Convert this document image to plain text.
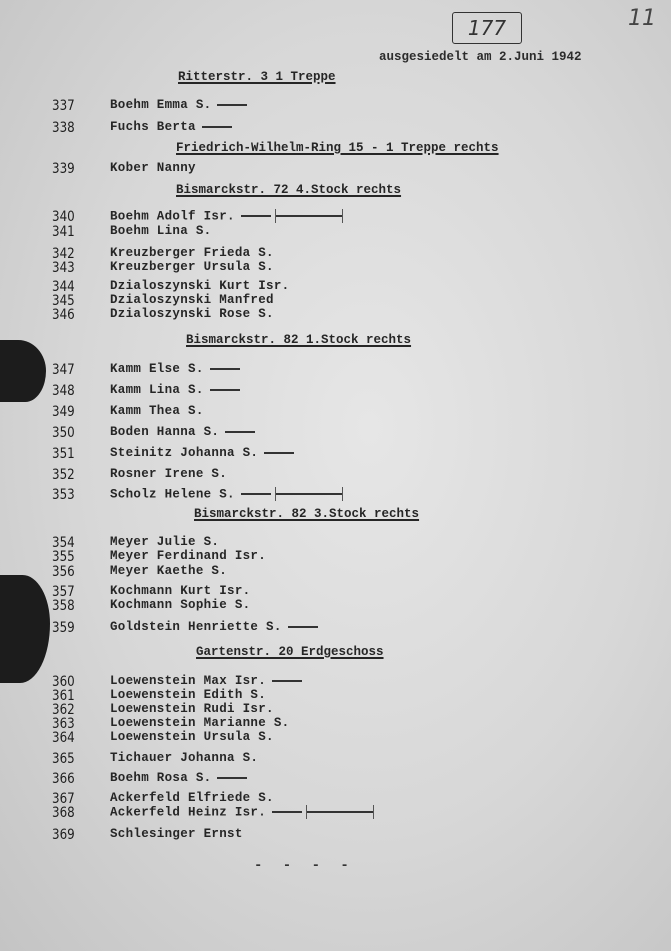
177	11
ausgesiedelt am 2.Juni 1942
Ritterstr. 3 1 Treppe
337	Boehm Emma S.
338	Fuchs Berta
Friedrich-Wilhelm-Ring 15 - 1 Treppe rechts
339	Kober Nanny
Bismarckstr. 72 4.Stock rechts
340	Boehm Adolf Isr.
341	Boehm Lina S.
342	Kreuzberger Frieda S.
343	Kreuzberger Ursula S.
344	Dzialoszynski Kurt Isr.
345	Dzialoszynski Manfred
346	Dzialoszynski Rose S.
Bismarckstr. 82 1.Stock rechts
347	Kamm Else S.
348	Kamm Lina S.
349	Kamm Thea S.
350	Boden Hanna S.
351	Steinitz Johanna S.
352	Rosner Irene S.
353	Scholz Helene S.
Bismarckstr. 82 3.Stock rechts
354	Meyer Julie S.
355	Meyer Ferdinand Isr.
356	Meyer Kaethe S.
357	Kochmann Kurt Isr.
358	Kochmann Sophie S.
359	Goldstein Henriette S.
Gartenstr. 20 Erdgeschoss
360	Loewenstein Max Isr.
361	Loewenstein Edith S.
362	Loewenstein Rudi Isr.
363	Loewenstein Marianne S.
364	Loewenstein Ursula S.
365	Tichauer Johanna S.
366	Boehm Rosa S.
367	Ackerfeld Elfriede S.
368	Ackerfeld Heinz Isr.
369	Schlesinger Ernst
- - - -
